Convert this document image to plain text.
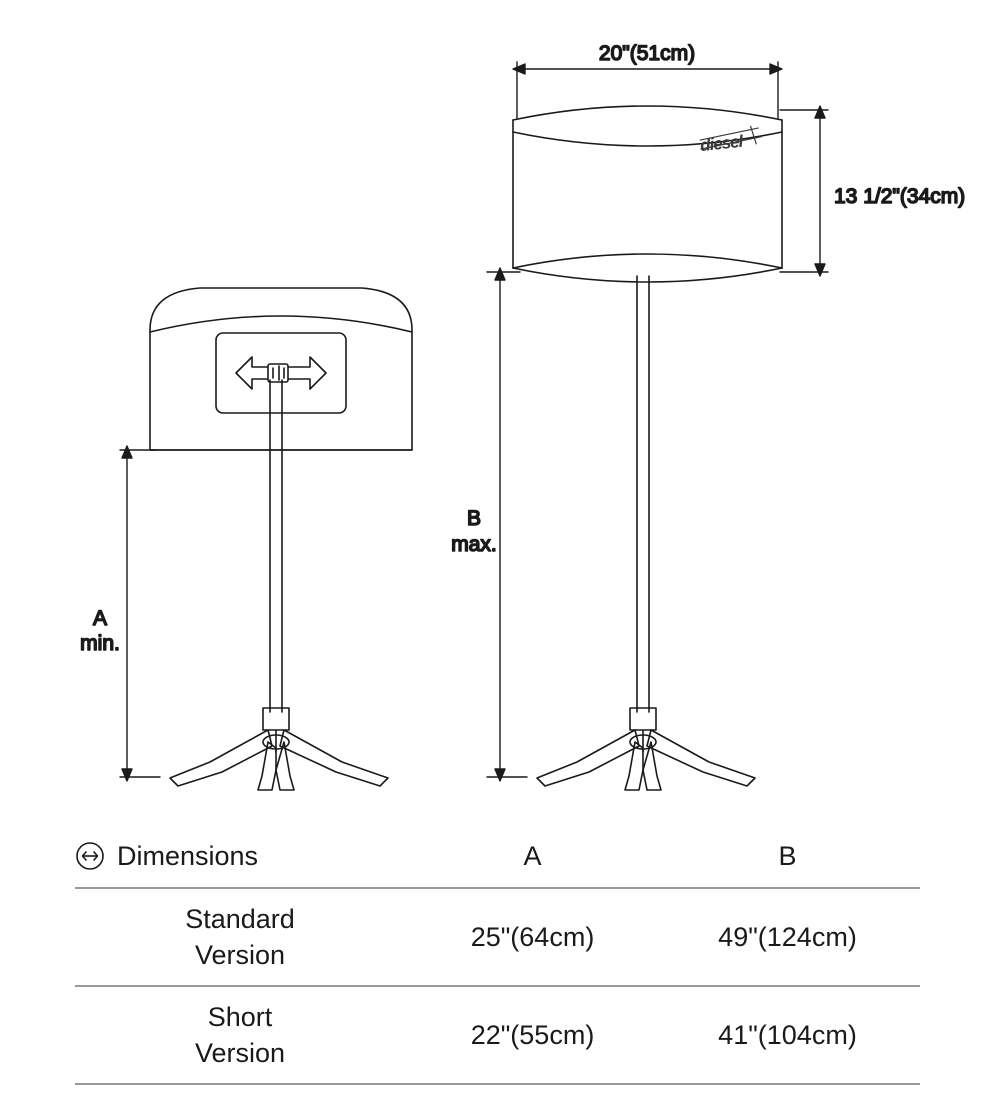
A
min.
20"(51cm)
13 1/2"(34cm)
B
max.
diesel
Dimensions	A	B
Standard
Version
25"(64cm)	49"(124cm)
Short
Version
22"(55cm)	41"(104cm)
